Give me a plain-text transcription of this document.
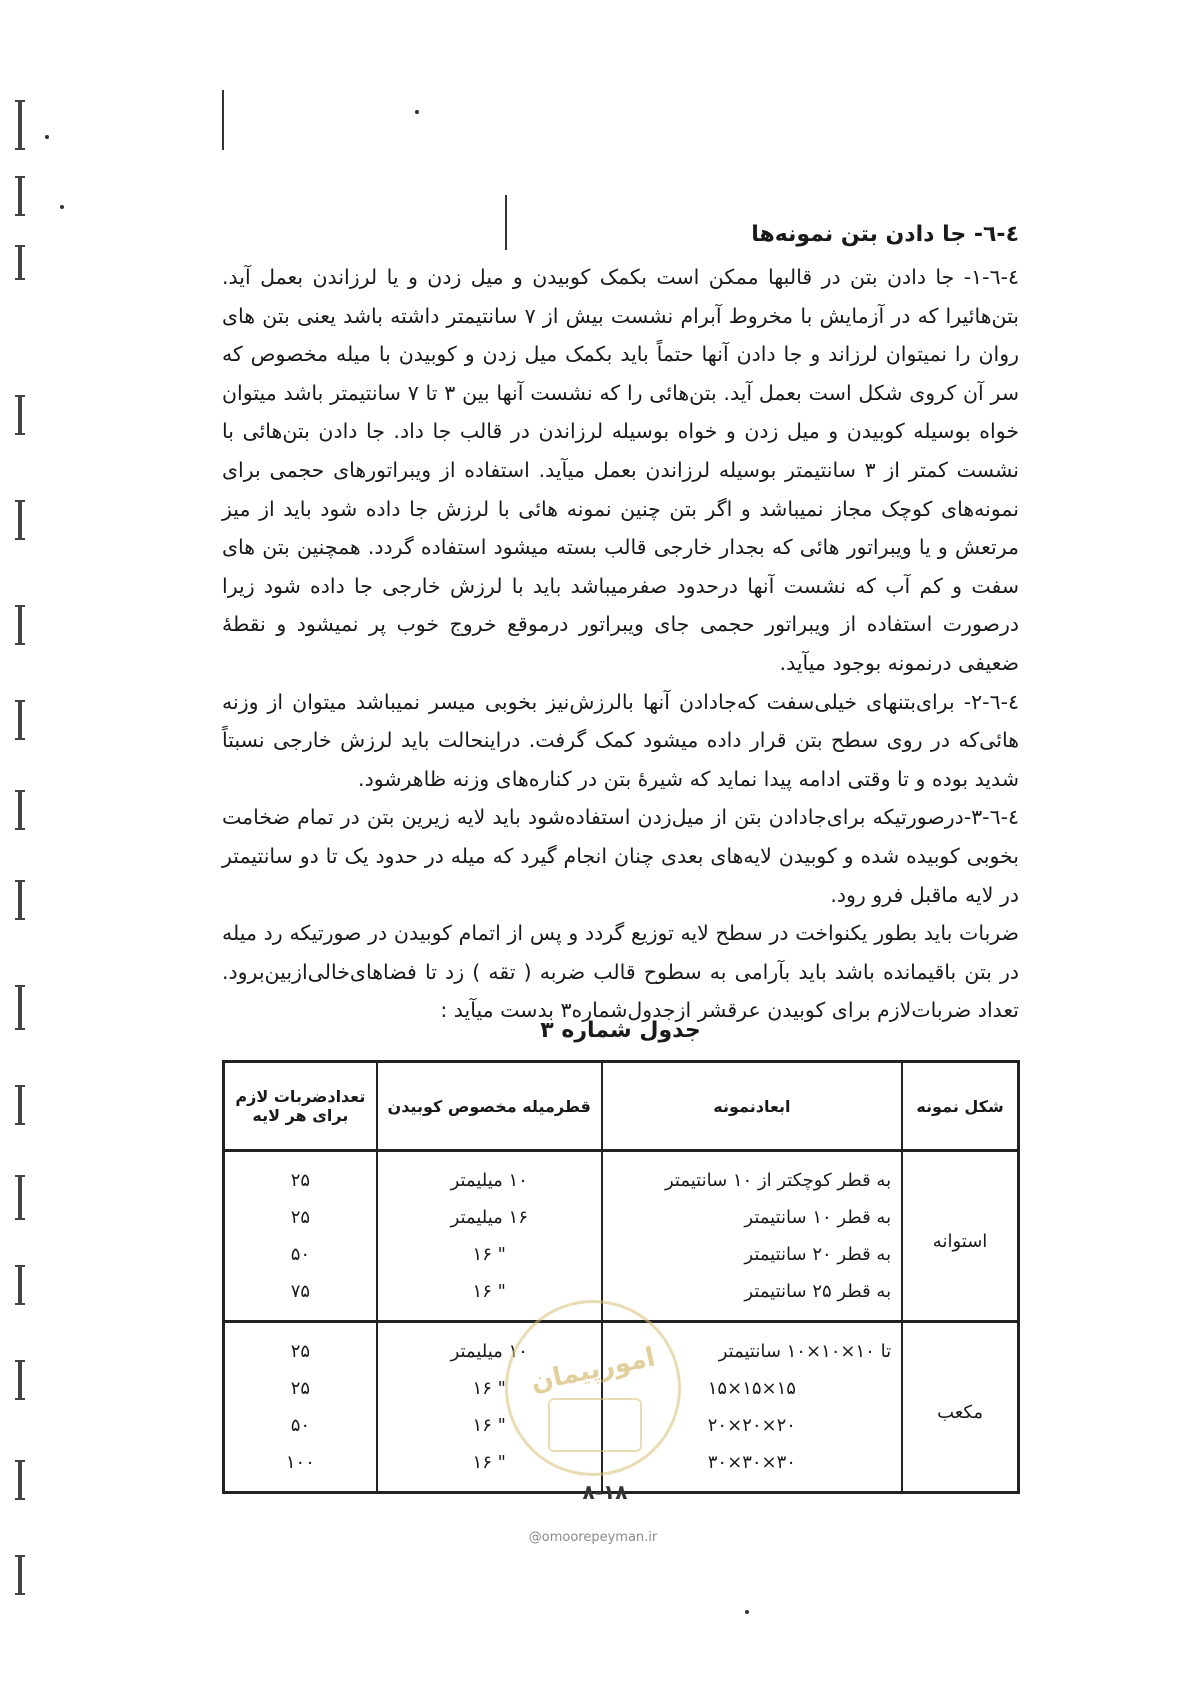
٤-٦- جا دادن بتن نمونه‌ها

٤-٦-١- جا دادن بتن در قالبها ممکن است بکمک کوبیدن و میل زدن و یا لرزاندن بعمل آید. بتن‌هائیرا که در آزمایش با مخروط آبرام نشست بیش از ۷ سانتیمتر داشته باشد یعنی بتن های روان را نمیتوان لرزاند و جا دادن آنها حتماً باید بکمک میل زدن و کوبیدن با میله مخصوص که سر آن کروی شکل است بعمل آید. بتن‌هائی را که نشست آنها بین ۳ تا ۷ سانتیمتر باشد میتوان خواه بوسیله کوبیدن و میل زدن و خواه بوسیله لرزاندن در قالب جا داد. جا دادن بتن‌هائی با نشست کمتر از ۳ سانتیمتر بوسیله لرزاندن بعمل میآید. استفاده از ویبراتورهای حجمی برای نمونه‌های کوچک مجاز نمیباشد و اگر بتن چنین نمونه هائی با لرزش جا داده شود باید از میز مرتعش و یا ویبراتور هائی که بجدار خارجی قالب بسته میشود استفاده گردد. همچنین بتن های سفت و کم آب که نشست آنها درحدود صفرمیباشد باید با لرزش خارجی جا داده شود زیرا درصورت استفاده از ویبراتور حجمی جای ویبراتور درموقع خروج خوب پر نمیشود و نقطهٔ ضعیفی درنمونه بوجود میآید.

٤-٦-٢- برای‌بتنهای خیلی‌سفت که‌جادادن آنها بالرزش‌نیز بخوبی میسر نمیباشد میتوان از وزنه هائی‌که در روی سطح بتن قرار داده میشود کمک گرفت. دراینحالت باید لرزش خارجی نسبتاً شدید بوده و تا وقتی ادامه پیدا نماید که شیرهٔ بتن در کناره‌های وزنه ظاهرشود.

٤-٦-٣-درصورتیکه برای‌جادادن بتن از میل‌زدن استفاده‌شود باید لایه زیرین بتن در تمام ضخامت بخوبی کوبیده شده و کوبیدن لایه‌های بعدی چنان انجام گیرد که میله در حدود یک تا دو سانتیمتر در لایه ماقبل فرو رود.

ضربات باید بطور یکنواخت در سطح لایه توزیع گردد و پس از اتمام کوبیدن در صورتیکه رد میله در بتن باقیمانده باشد باید بآرامی به سطوح قالب ضربه ( تقه ) زد تا فضاهای‌خالی‌ازبین‌برود. تعداد ضربات‌لازم برای کوبیدن عرقشر ازجدول‌شماره۳ بدست میآید :

جدول شماره ۳
شکل نمونه	ابعادنمونه	قطرمیله مخصوص کوبیدن	تعدادضربات لازم برای هر لایه
استوانه	به قطر کوچکتر از ۱۰ سانتیمتر	۱۰ میلیمتر	۲۵
	به قطر ۱۰ سانتیمتر	۱۶ میلیمتر	۲۵
	به قطر ۲۰ سانتیمتر	" ۱۶	۵۰
	به قطر ۲۵ سانتیمتر	" ۱۶	۷۵
مکعب	تا ۱۰×۱۰×۱۰ سانتیمتر	۱۰ میلیمتر	۲۵
	۱۵×۱۵×۱۵	" ۱۶	۲۵
	۲۰×۲۰×۲۰	" ۱۶	۵۰
	۳۰×۳۰×۳۰	" ۱۶	۱۰۰
امورپیمان
۸-۱۸
@omoorepeyman.ir
